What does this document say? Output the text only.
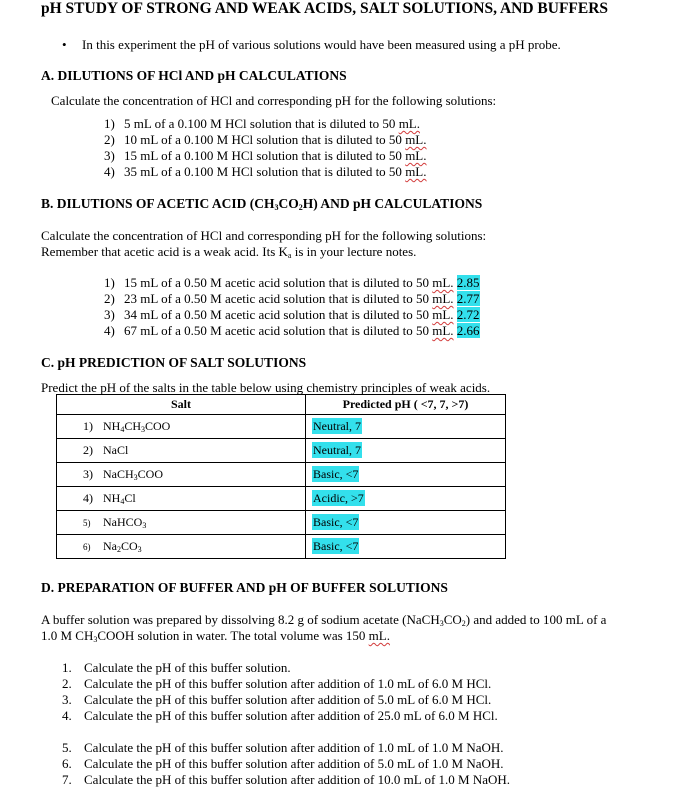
pH STUDY OF STRONG AND WEAK ACIDS, SALT SOLUTIONS, AND BUFFERS
• In this experiment the pH of various solutions would have been measured using a pH probe.
A. DILUTIONS OF HCl AND pH CALCULATIONS
Calculate the concentration of HCl and corresponding pH for the following solutions:
1) 5 mL of a 0.100 M HCl solution that is diluted to 50 mL.
2) 10 mL of a 0.100 M HCl solution that is diluted to 50 mL.
3) 15 mL of a 0.100 M HCl solution that is diluted to 50 mL.
4) 35 mL of a 0.100 M HCl solution that is diluted to 50 mL.
B. DILUTIONS OF ACETIC ACID $(CH_3CO_2H)$ AND pH CALCULATIONS
Calculate the concentration of HCl and corresponding pH for the following solutions:
Remember that acetic acid is a weak acid. Its Ka is in your lecture notes.
1) 15 mL of a 0.50 M acetic acid solution that is diluted to 50 mL. 2.85
2) 23 mL of a 0.50 M acetic acid solution that is diluted to 50 mL. 2.77
3) 34 mL of a 0.50 M acetic acid solution that is diluted to 50 mL. 2.72
4) 67 mL of a 0.50 M acetic acid solution that is diluted to 50 mL. 2.66
C. pH PREDICTION OF SALT SOLUTIONS
Predict the pH of the salts in the table below using chemistry principles of weak acids.
Salt	Predicted pH ( <7, 7, >7)
1) $NH_4CH_3COO$	Neutral, 7
2) NaCl	Neutral, 7
3) NaCH$_3$COO	Basic, <7
4) $NH_4Cl$	Acidic, >7
5) NaHCO$_3$	Basic, <7
6) $Na_2CO_3$	Basic, <7
D. PREPARATION OF BUFFER AND pH OF BUFFER SOLUTIONS
A buffer solution was prepared by dissolving 8.2 g of sodium acetate $(NaCH_3CO_2)$ and added to 100 mL of a
1.0 M $CH_3COOH$ solution in water. The total volume was 150 mL.
1. Calculate the pH of this buffer solution.
2. Calculate the pH of this buffer solution after addition of 1.0 mL of 6.0 M HCl.
3. Calculate the pH of this buffer solution after addition of 5.0 mL of 6.0 M HCl.
4. Calculate the pH of this buffer solution after addition of 25.0 mL of 6.0 M HCl.
5. Calculate the pH of this buffer solution after addition of 1.0 mL of 1.0 M NaOH.
6. Calculate the pH of this buffer solution after addition of 5.0 mL of 1.0 M NaOH.
7. Calculate the pH of this buffer solution after addition of 10.0 mL of 1.0 M NaOH.
